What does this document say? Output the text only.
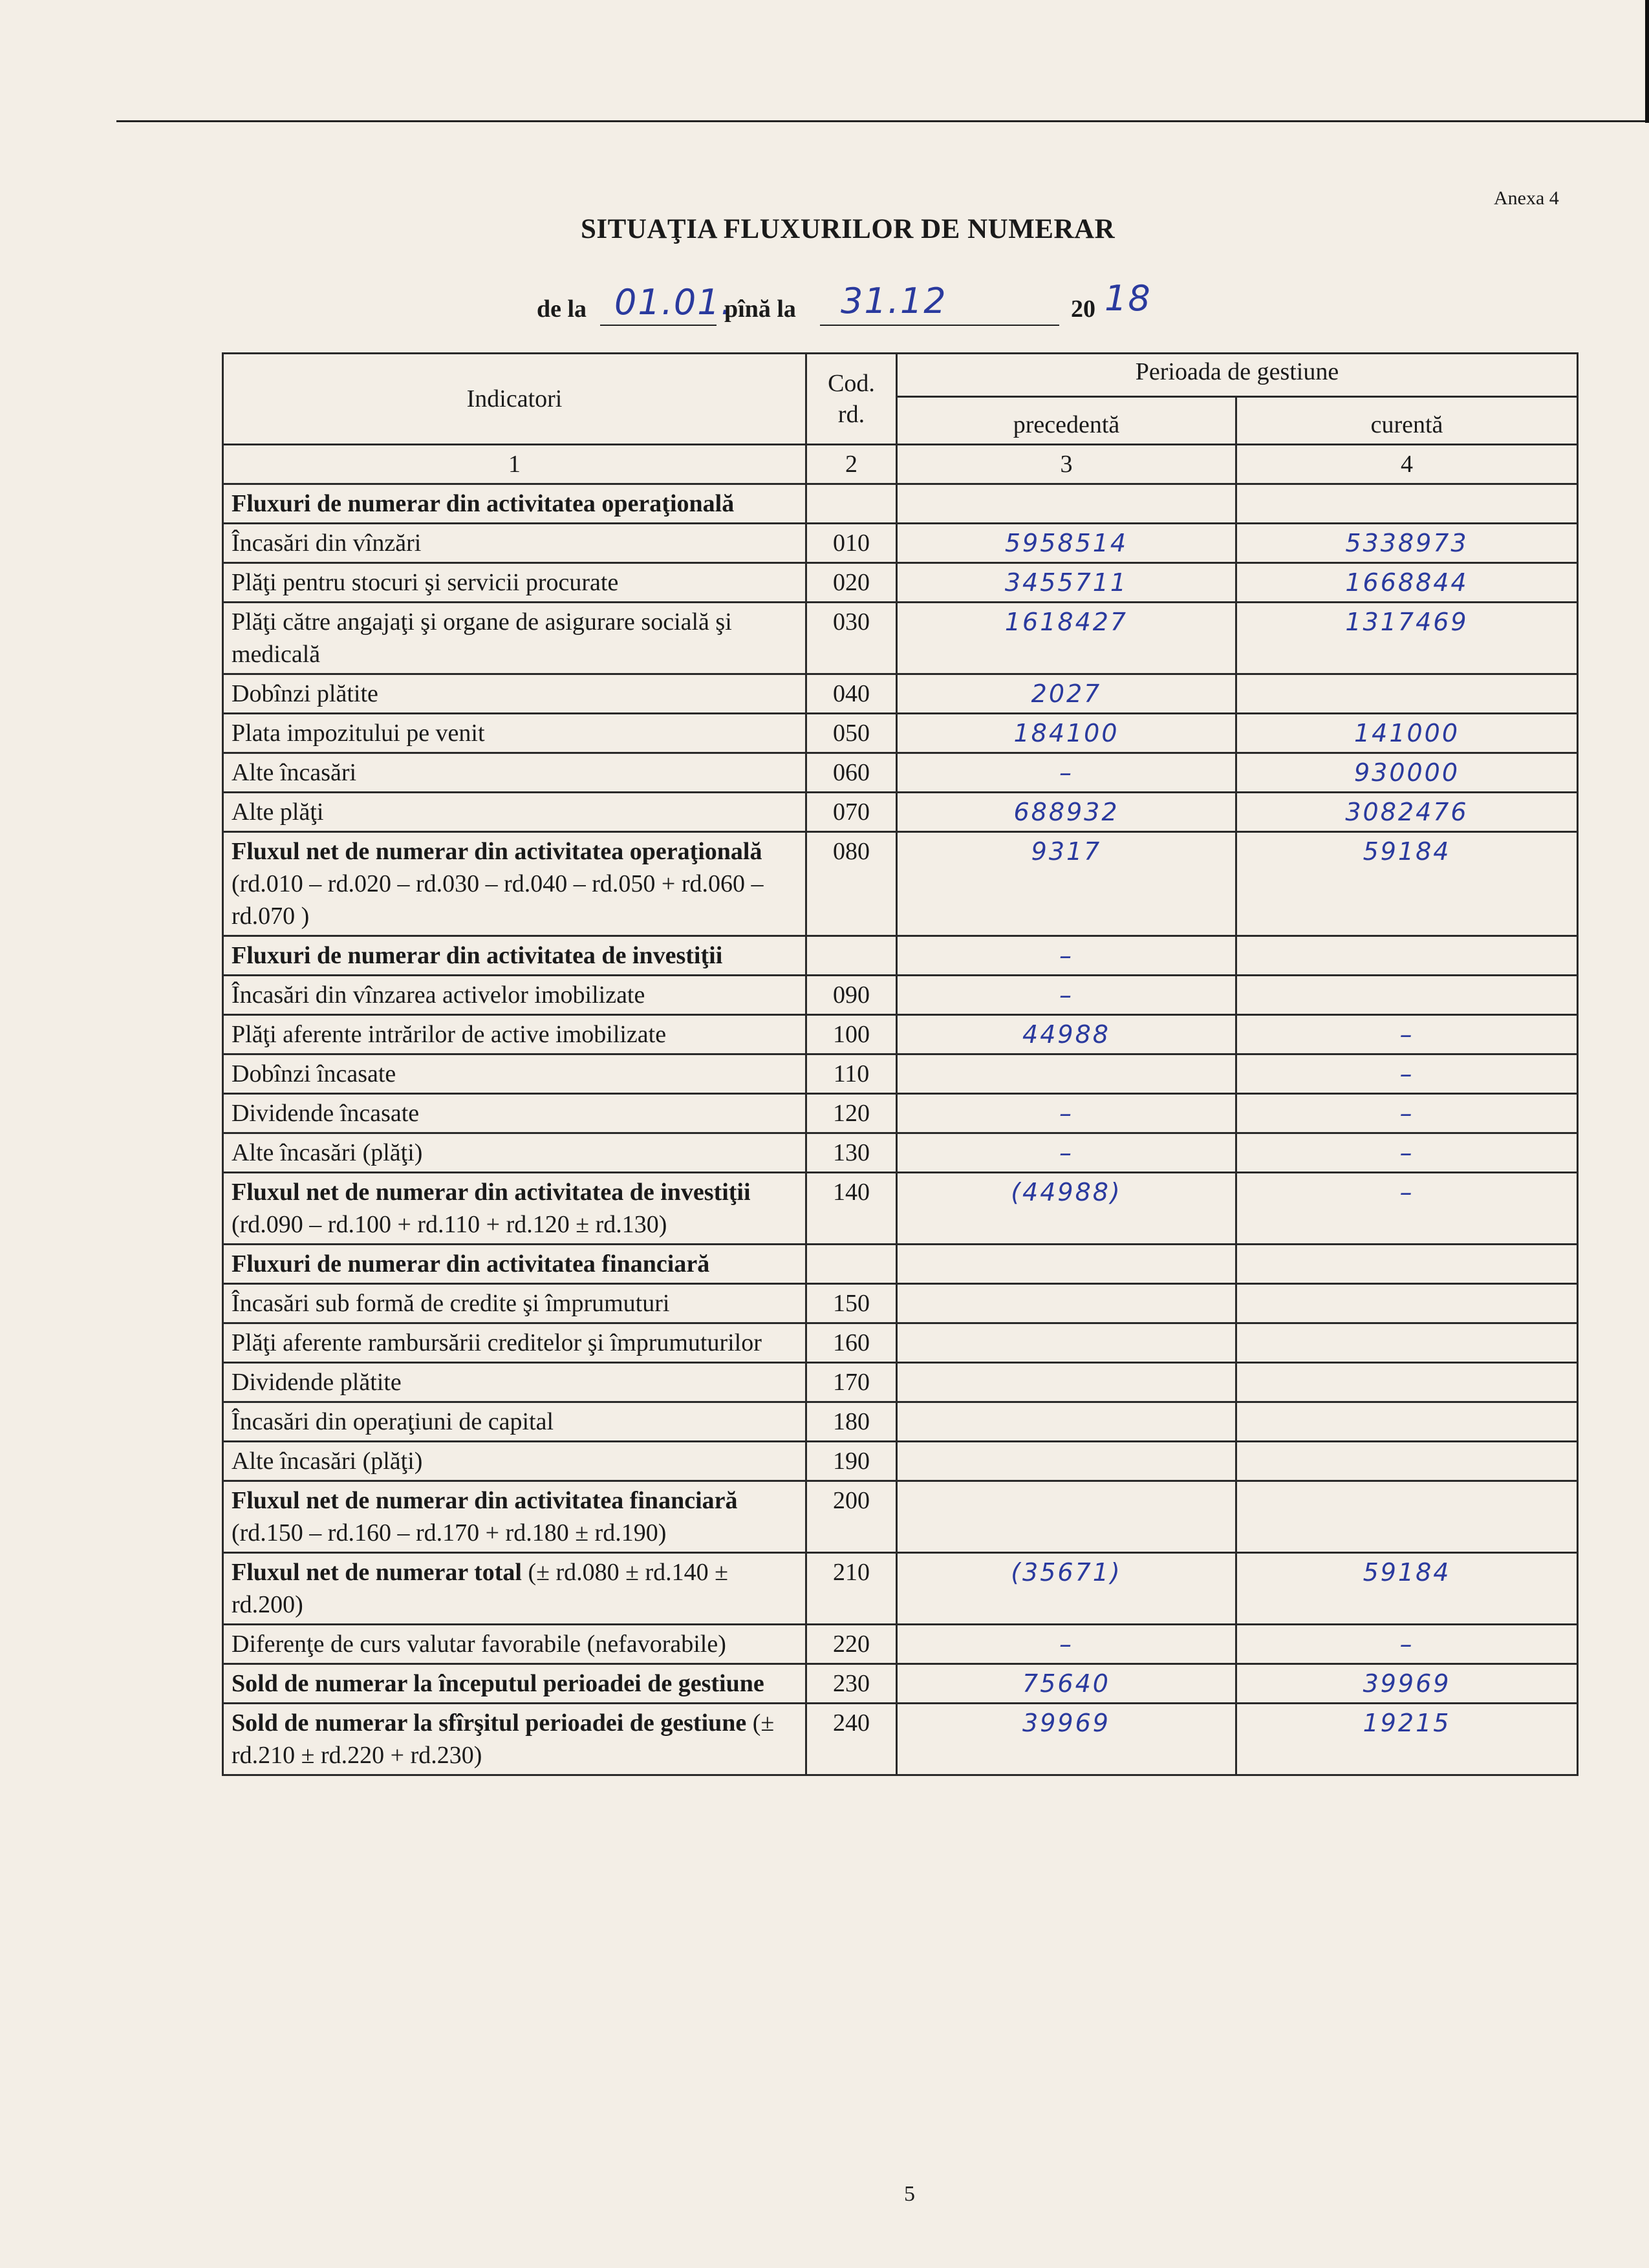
Anexa 4
SITUAŢIA FLUXURILOR DE NUMERAR
de la 01.01.
pînă la 31.12	20 18
Indicatori	Cod. rd.	Perioada de gestiune	
		precedentă	curentă
1	2	3	4
Fluxuri de numerar din activitatea operaţională			
Încasări din vînzări	010	5958514	5338973
Plăţi pentru stocuri şi servicii procurate	020	3455711	1668844
Plăţi către angajaţi şi organe de asigurare socială şi medicală	030	1618427	1317469
Dobînzi plătite	040	2027	
Plata impozitului pe venit	050	184100	141000
Alte încasări	060	–	930000
Alte plăţi	070	688932	3082476
Fluxul net de numerar din activitatea operaţională (rd.010 – rd.020 – rd.030 – rd.040 – rd.050 + rd.060 – rd.070 )	080	9317	59184
Fluxuri de numerar din activitatea de investiţii		–	
Încasări din vînzarea activelor imobilizate	090	–	
Plăţi aferente intrărilor de active imobilizate	100	44988	–
Dobînzi încasate	110		–
Dividende încasate	120	–	–
Alte încasări (plăţi)	130	–	–
Fluxul net de numerar din activitatea de investiţii (rd.090 – rd.100 + rd.110 + rd.120 ± rd.130)	140	(44988)	–
Fluxuri de numerar din activitatea financiară			
Încasări sub formă de credite şi împrumuturi	150		
Plăţi aferente rambursării creditelor şi împrumuturilor	160		
Dividende plătite	170		
Încasări din operaţiuni de capital	180		
Alte încasări (plăţi)	190		
Fluxul net de numerar din activitatea financiară (rd.150 – rd.160 – rd.170 + rd.180 ± rd.190)	200		
Fluxul net de numerar total (± rd.080 ± rd.140 ± rd.200)	210	(35671)	59184
Diferenţe de curs valutar favorabile (nefavorabile)	220	–	–
Sold de numerar la începutul perioadei de gestiune	230	75640	39969
Sold de numerar la sfîrşitul perioadei de gestiune (± rd.210 ± rd.220 + rd.230)	240	39969	19215
5
